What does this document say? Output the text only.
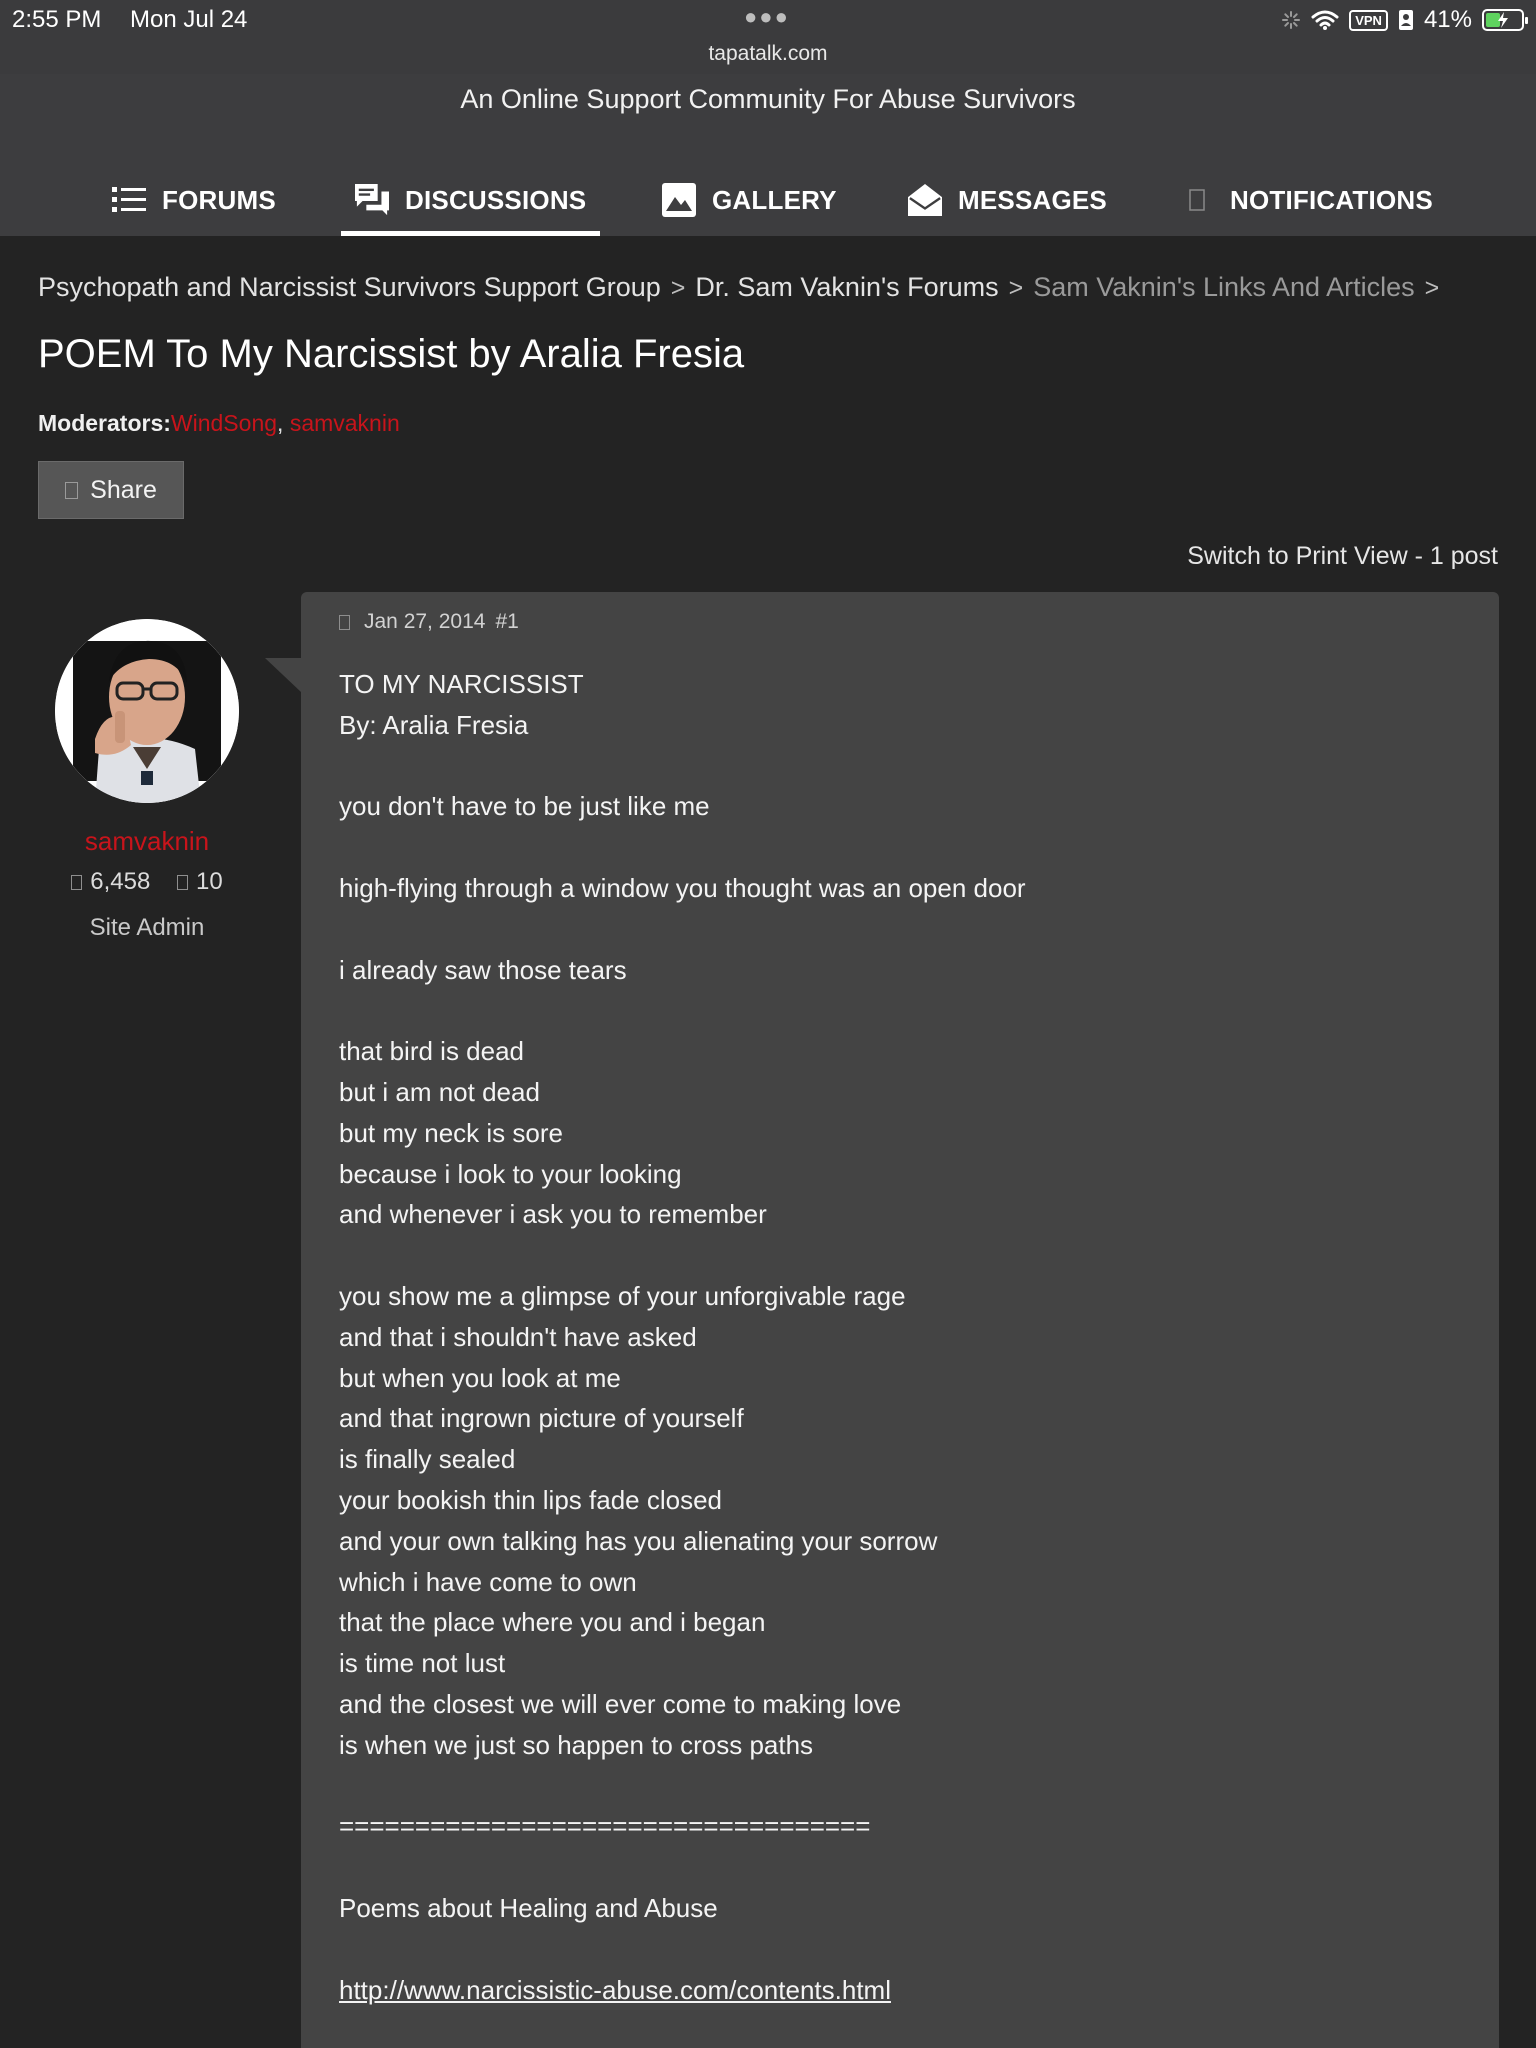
2:55 PM Mon Jul 24	●●●	VPN 41%
tapatalk.com
An Online Support Community For Abuse Survivors
FORUMS	DISCUSSIONS	GALLERY	MESSAGES	NOTIFICATIONS
Psychopath and Narcissist Survivors Support Group > Dr. Sam Vaknin's Forums > Sam Vaknin's Links And Articles >
POEM To My Narcissist by Aralia Fresia
Moderators:WindSong, samvaknin
Share
Switch to Print View - 1 post
samvaknin
6,458 10
Site Admin
Jan 27, 2014 #1
TO MY NARCISSIST
By: Aralia Fresia
you don't have to be just like me
high-flying through a window you thought was an open door
i already saw those tears
that bird is dead
but i am not dead
but my neck is sore
because i look to your looking
and whenever i ask you to remember
you show me a glimpse of your unforgivable rage
and that i shouldn't have asked
but when you look at me
and that ingrown picture of yourself
is finally sealed
your bookish thin lips fade closed
and your own talking has you alienating your sorrow
which i have come to own
that the place where you and i began
is time not lust
and the closest we will ever come to making love
is when we just so happen to cross paths
===================================
Poems about Healing and Abuse
http://www.narcissistic-abuse.com/contents.html
